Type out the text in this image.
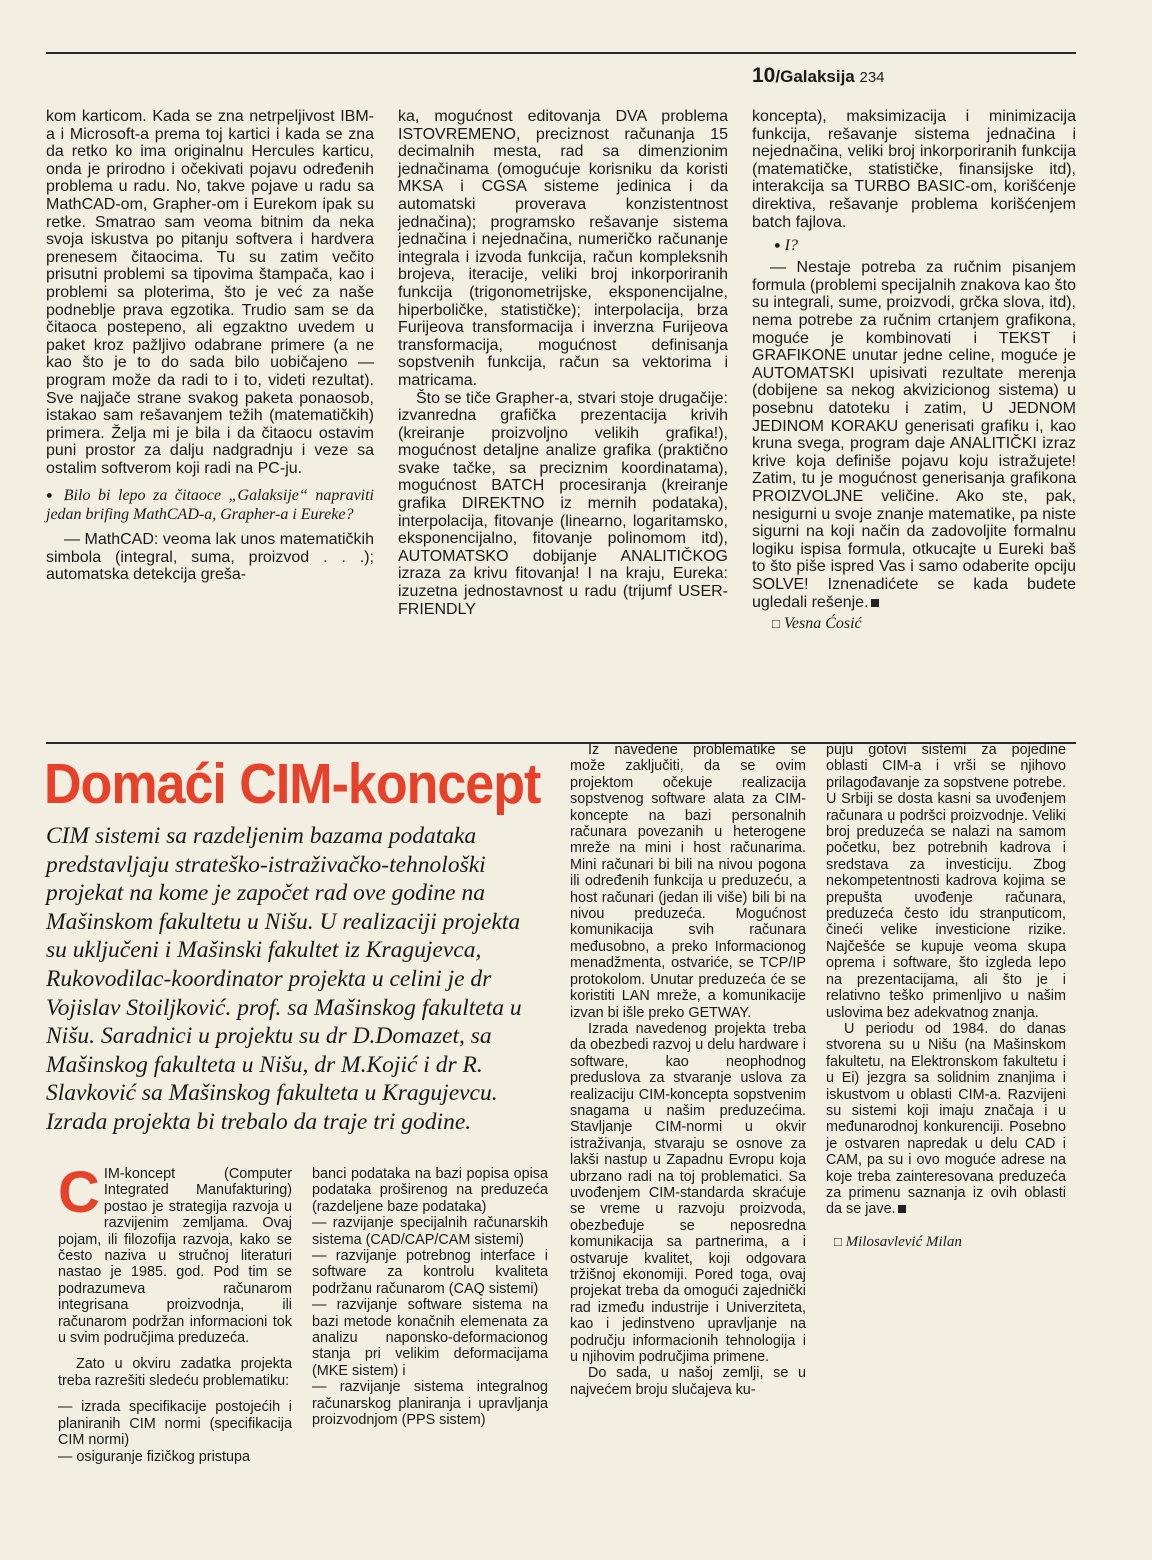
10/Galaksija 234

kom karticom. Kada se zna netrpeljivost IBM-a i Microsoft-a prema toj kartici i kada se zna da retko ko ima originalnu Hercules karticu, onda je prirodno i očekivati pojavu određenih problema u radu. No, takve pojave u radu sa MathCAD-om, Grapher-om i Eurekom ipak su retke. Smatrao sam veoma bitnim da neka svoja iskustva po pitanju softvera i hardvera prenesem čitaocima. Tu su zatim večito prisutni problemi sa tipovima štampača, kao i problemi sa ploterima, što je već za naše podneblje prava egzotika. Trudio sam se da čitaoca postepeno, ali egzaktno uvedem u paket kroz pažljivo odabrane primere (a ne kao što je to do sada bilo uobičajeno — program može da radi to i to, videti rezultat). Sve najjače strane svakog paketa ponaosob, istakao sam rešavanjem težih (matematičkih) primera. Želja mi je bila i da čitaocu ostavim puni prostor za dalju nadgradnju i veze sa ostalim softverom koji radi na PC-ju.

● Bilo bi lepo za čitaoce „Galaksije“ napraviti jedan brifing MathCAD-a, Grapher-a i Eureke?

— MathCAD: veoma lak unos matematičkih simbola (integral, suma, proizvod . . .); automatska detekcija greša-

ka, mogućnost editovanja DVA problema ISTOVREMENO, preciznost računanja 15 decimalnih mesta, rad sa dimenzionim jednačinama (omogućuje korisniku da koristi MKSA i CGSA sisteme jedinica i da automatski proverava konzistentnost jednačina); programsko rešavanje sistema jednačina i nejednačina, numeričko računanje integrala i izvoda funkcija, račun kompleksnih brojeva, iteracije, veliki broj inkorporiranih funkcija (trigonometrijske, eksponencijalne, hiperboličke, statističke); interpolacija, brza Furijeova transformacija i inverzna Furijeova transformacija, mogućnost definisanja sopstvenih funkcija, račun sa vektorima i matricama.

Što se tiče Grapher-a, stvari stoje drugačije: izvanredna grafička prezentacija krivih (kreiranje proizvoljno velikih grafika!), mogućnost detalјne analize grafika (praktično svake tačke, sa preciznim koordinatama), mogućnost BATCH procesiranja (kreiranje grafika DIREKTNO iz mernih podataka), interpolacija, fitovanje (linearno, logaritamsko, eksponencijalno, fitovanje polinomom itd), AUTOMATSKO dobijanje ANALITIČKOG izraza za krivu fitovanja! I na kraju, Eureka: izuzetna jednostavnost u radu (trijumf USER-FRIENDLY

koncepta), maksimizacija i minimizacija funkcija, rešavanje sistema jednačina i nejednačina, veliki broj inkorporiranih funkcija (matematičke, statističke, finansijske itd), interakcija sa TURBO BASIC-om, korišćenje direktiva, rešavanje problema korišćenjem batch fajlova.

● I?

— Nestaje potreba za ručnim pisanjem formula (problemi specijalnih znakova kao što su integrali, sume, proizvodi, grčka slova, itd), nema potrebe za ručnim crtanjem grafikona, moguće je kombinovati i TEKST i GRAFIKONE unutar jedne celine, moguće je AUTOMATSKI upisivati rezultate merenja (dobijene sa nekog akvizicionog sistema) u posebnu datoteku i zatim, U JEDNOM JEDINOM KORAKU generisati grafiku i, kao kruna svega, program daje ANALITIČKI izraz krive koja definiše pojavu koju istražujete! Zatim, tu je mogućnost generisanja grafikona PROIZVOLJNE veličine. Ako ste, pak, nesigurni u svoje znanje matematike, pa niste sigurni na koji način da zadovoljite formalnu logiku ispisa formula, otkucajte u Eureki baš to što piše ispred Vas i samo odaberite opciju SOLVE! Iznenadićete se kada budete ugledali rešenje.

□ Vesna Ćosić

Domaći CIM-koncept

CIM sistemi sa razdeljenim bazama podataka predstavljaju strateško-istraživačko-tehnološki projekat na kome je započet rad ove godine na Mašinskom fakultetu u Nišu. U realizaciji projekta su uključeni i Mašinski fakultet iz Kragujevca, Rukovodilac-koordinator projekta u celini je dr Vojislav Stoiljković. prof. sa Mašinskog fakulteta u Nišu. Saradnici u projektu su dr D.Domazet, sa Mašinskog fakulteta u Nišu, dr M.Kojić i dr R. Slavković sa Mašinskog fakulteta u Kragujevcu. Izrada projekta bi trebalo da traje tri godine.

CIM-koncept (Computer Integrated Manufakturing) postao je strategija razvoja u razvijenim zemljama. Ovaj pojam, ili filozofija razvoja, kako se često naziva u stručnoj literaturi nastao je 1985. god. Pod tim se podrazumeva računarom integrisana proizvodnja, ili računarom podržan informacioni tok u svim područjima preduzeća.

Zato u okviru zadatka projekta treba razrešiti sledeću problematiku:

— izrada specifikacije postojećih i planiranih CIM normi (specifikacija CIM normi)

— osiguranje fizičkog pristupa

banci podataka na bazi popisa opisa podataka proširenog na preduzeća (razdeljene baze podataka)

— razvijanje specijalnih računarskih sistema (CAD/CAP/CAM sistemi)

— razvijanje potrebnog interface i software za kontrolu kvaliteta podržanu računarom (CAQ sistemi)

— razvijanje software sistema na bazi metode konačnih elemenata za analizu naponsko-deformacionog stanja pri velikim deformacijama (MKE sistem) i

— razvijanje sistema integralnog računarskog planiranja i upravljanja proizvodnjom (PPS sistem)

Iz navedene problematike se može zaključiti, da se ovim projektom očekuje realizacija sopstvenog software alata za CIM-koncepte na bazi personalnih računara povezanih u heterogene mreže na mini i host računarima. Mini računari bi bili na nivou pogona ili određenih funkcija u preduzeću, a host računari (jedan ili više) bili bi na nivou preduzeća. Mogućnost komunikacija svih računara međusobno, a preko Informacionog menadžmenta, ostvariće, se TCP/IP protokolom. Unutar preduzeća će se koristiti LAN mreže, a komunikacije izvan bi išle preko GETWAY.

Izrada navedenog projekta treba da obezbedi razvoj u delu hardware i software, kao neophodnog preduslova za stvaranje uslova za realizaciju CIM-koncepta sopstvenim snagama u našim preduzećima. Stavljanje CIM-normi u okvir istraživanja, stvaraju se osnove za lakši nastup u Zapadnu Evropu koja ubrzano radi na toj problematici. Sa uvođenjem CIM-standarda skraćuje se vreme u razvoju proizvoda, obezbeđuje se neposredna komunikacija sa partnerima, a i ostvaruje kvalitet, koji odgovara tržišnoj ekonomiji. Pored toga, ovaj projekat treba da omogući zajednički rad između industrije i Univerziteta, kao i jedinstveno upravljanje na području informacionih tehnologija i u njihovim područjima primene.

Do sada, u našoj zemlji, se u najvećem broju slučajeva ku-

puju gotovi sistemi za pojedine oblasti CIM-a i vrši se njihovo prilagođavanje za sopstvene potrebe. U Srbiji se dosta kasni sa uvođenjem računara u podršci proizvodnje. Veliki broj preduzeća se nalazi na samom početku, bez potrebnih kadrova i sredstava za investiciju. Zbog nekompetentnosti kadrova kojima se prepušta uvođenje računara, preduzeća često idu stranputicom, čineći velike investicione rizike. Najčešće se kupuje veoma skupa oprema i software, što izgleda lepo na prezentacijama, ali što je i relativno teško primenljivo u našim uslovima bez adekvatnog znanja.

U periodu od 1984. do danas stvorena su u Nišu (na Mašinskom fakultetu, na Elektronskom fakultetu i u Ei) jezgra sa solidnim znanjima i iskustvom u oblasti CIM-a. Razvijeni su sistemi koji imaju značaja i u međunarodnoj konkurenciji. Posebno je ostvaren napredak u delu CAD i CAM, pa su i ovo moguće adrese na koje treba zainteresovana preduzeća za primenu saznanja iz ovih oblasti da se jave.

□ Milosavlević Milan
